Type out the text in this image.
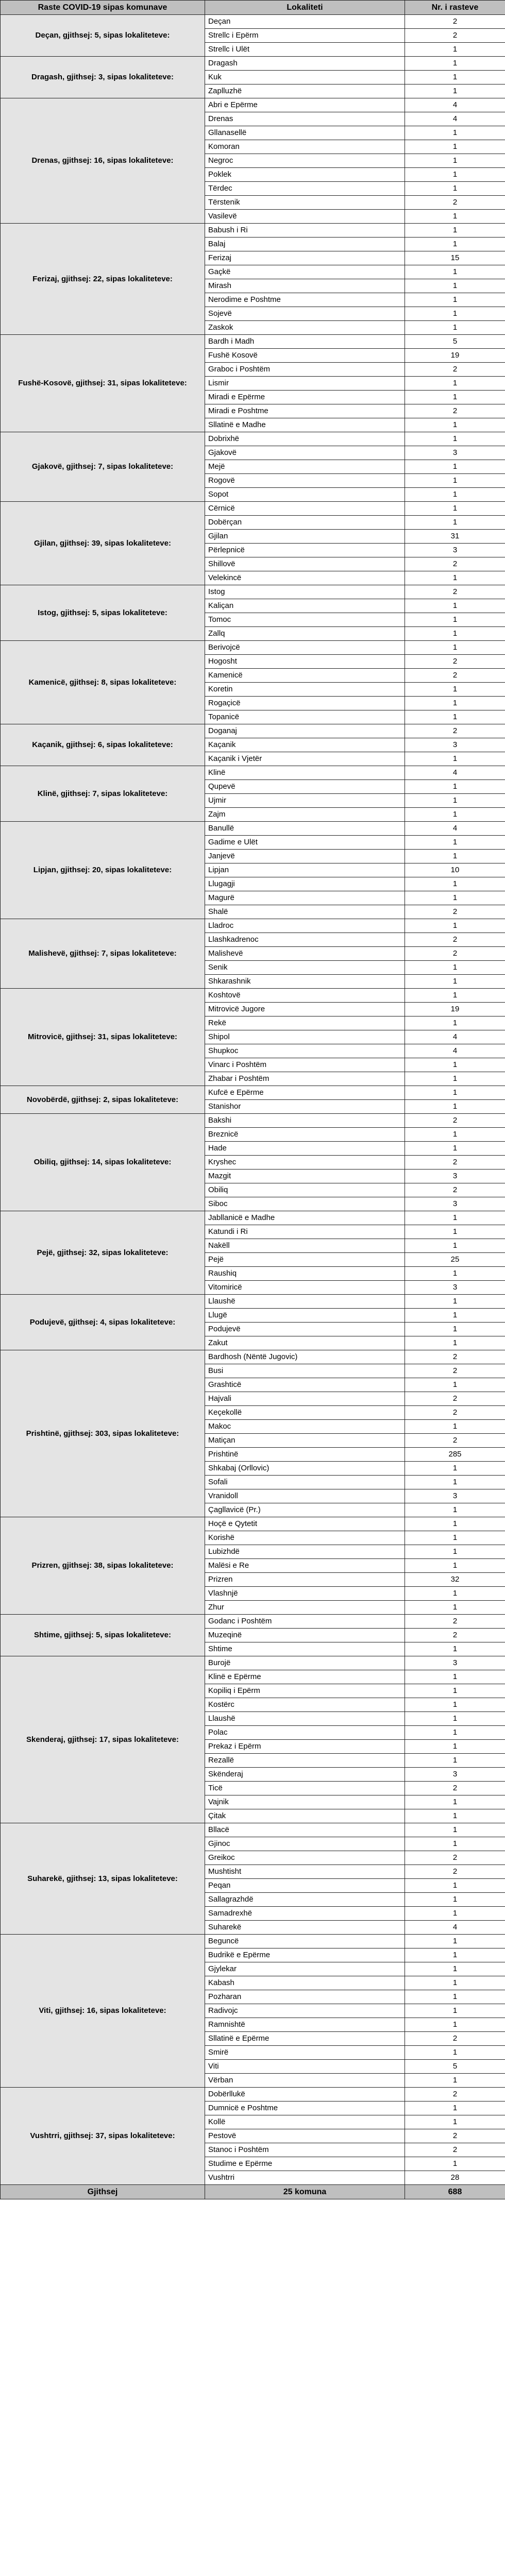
Raste COVID-19 sipas komunave	Lokaliteti	Nr. i rasteve
Deçan, gjithsej: 5, sipas lokaliteteve:	Deçan	2
	Strellc i Epërm	2
	Strellc i Ulët	1
Dragash, gjithsej: 3, sipas lokaliteteve:	Dragash	1
	Kuk	1
	Zaplluzhë	1
Drenas, gjithsej: 16, sipas lokaliteteve:	Abri e Epërme	4
	Drenas	4
	Gllanasellë	1
	Komoran	1
	Negroc	1
	Poklek	1
	Tërdec	1
	Tërstenik	2
	Vasilevë	1
Ferizaj, gjithsej: 22, sipas lokaliteteve:	Babush i Ri	1
	Balaj	1
	Ferizaj	15
	Gaçkë	1
	Mirash	1
	Nerodime e Poshtme	1
	Sojevë	1
	Zaskok	1
Fushë-Kosovë, gjithsej: 31, sipas lokaliteteve:	Bardh i Madh	5
	Fushë Kosovë	19
	Graboc i Poshtëm	2
	Lismir	1
	Miradi e Epërme	1
	Miradi e Poshtme	2
	Sllatinë e Madhe	1
Gjakovë, gjithsej: 7, sipas lokaliteteve:	Dobrixhë	1
	Gjakovë	3
	Mejë	1
	Rogovë	1
	Sopot	1
Gjilan, gjithsej: 39, sipas lokaliteteve:	Cërnicë	1
	Dobërçan	1
	Gjilan	31
	Përlepnicë	3
	Shillovë	2
	Velekincë	1
Istog, gjithsej: 5, sipas lokaliteteve:	Istog	2
	Kaliçan	1
	Tomoc	1
	Zallq	1
Kamenicë, gjithsej: 8, sipas lokaliteteve:	Berivojcë	1
	Hogosht	2
	Kamenicë	2
	Koretin	1
	Rogaçicë	1
	Topanicë	1
Kaçanik, gjithsej: 6, sipas lokaliteteve:	Doganaj	2
	Kaçanik	3
	Kaçanik i Vjetër	1
Klinë, gjithsej: 7, sipas lokaliteteve:	Klinë	4
	Qupevë	1
	Ujmir	1
	Zajm	1
Lipjan, gjithsej: 20, sipas lokaliteteve:	Banullë	4
	Gadime e Ulët	1
	Janjevë	1
	Lipjan	10
	Llugagji	1
	Magurë	1
	Shalë	2
Malishevë, gjithsej: 7, sipas lokaliteteve:	Lladroc	1
	Llashkadrenoc	2
	Malishevë	2
	Senik	1
	Shkarashnik	1
Mitrovicë, gjithsej: 31, sipas lokaliteteve:	Koshtovë	1
	Mitrovicë Jugore	19
	Rekë	1
	Shipol	4
	Shupkoc	4
	Vinarc i Poshtëm	1
	Zhabar i Poshtëm	1
Novobërdë, gjithsej: 2, sipas lokaliteteve:	Kufcë e Epërme	1
	Stanishor	1
Obiliq, gjithsej: 14, sipas lokaliteteve:	Bakshi	2
	Breznicë	1
	Hade	1
	Kryshec	2
	Mazgit	3
	Obiliq	2
	Siboc	3
Pejë, gjithsej: 32, sipas lokaliteteve:	Jabllanicë e Madhe	1
	Katundi i Ri	1
	Nakëll	1
	Pejë	25
	Raushiq	1
	Vitomiricë	3
Podujevë, gjithsej: 4, sipas lokaliteteve:	Llaushë	1
	Llugë	1
	Podujevë	1
	Zakut	1
Prishtinë, gjithsej: 303, sipas lokaliteteve:	Bardhosh (Nëntë Jugovic)	2
	Busi	2
	Grashticë	1
	Hajvali	2
	Keçekollë	2
	Makoc	1
	Matiçan	2
	Prishtinë	285
	Shkabaj (Orllovic)	1
	Sofali	1
	Vranidoll	3
	Çagllavicë (Pr.)	1
Prizren, gjithsej: 38, sipas lokaliteteve:	Hoçë e Qytetit	1
	Korishë	1
	Lubizhdë	1
	Malësi e Re	1
	Prizren	32
	Vlashnjë	1
	Zhur	1
Shtime, gjithsej: 5, sipas lokaliteteve:	Godanc i Poshtëm	2
	Muzeqinë	2
	Shtime	1
Skenderaj, gjithsej: 17, sipas lokaliteteve:	Burojë	3
	Klinë e Epërme	1
	Kopiliq i Epërm	1
	Kostërc	1
	Llaushë	1
	Polac	1
	Prekaz i Epërm	1
	Rezallë	1
	Skënderaj	3
	Ticë	2
	Vajnik	1
	Çitak	1
Suharekë, gjithsej: 13, sipas lokaliteteve:	Bllacë	1
	Gjinoc	1
	Greikoc	2
	Mushtisht	2
	Peqan	1
	Sallagrazhdë	1
	Samadrexhë	1
	Suharekë	4
Viti, gjithsej: 16, sipas lokaliteteve:	Beguncë	1
	Budrikë e Epërme	1
	Gjylekar	1
	Kabash	1
	Pozharan	1
	Radivojc	1
	Ramnishtë	1
	Sllatinë e Epërme	2
	Smirë	1
	Viti	5
	Vërban	1
Vushtrri, gjithsej: 37, sipas lokaliteteve:	Dobërllukë	2
	Dumnicë e Poshtme	1
	Kollë	1
	Pestovë	2
	Stanoc i Poshtëm	2
	Studime e Epërme	1
	Vushtrri	28
Gjithsej	25 komuna	688
